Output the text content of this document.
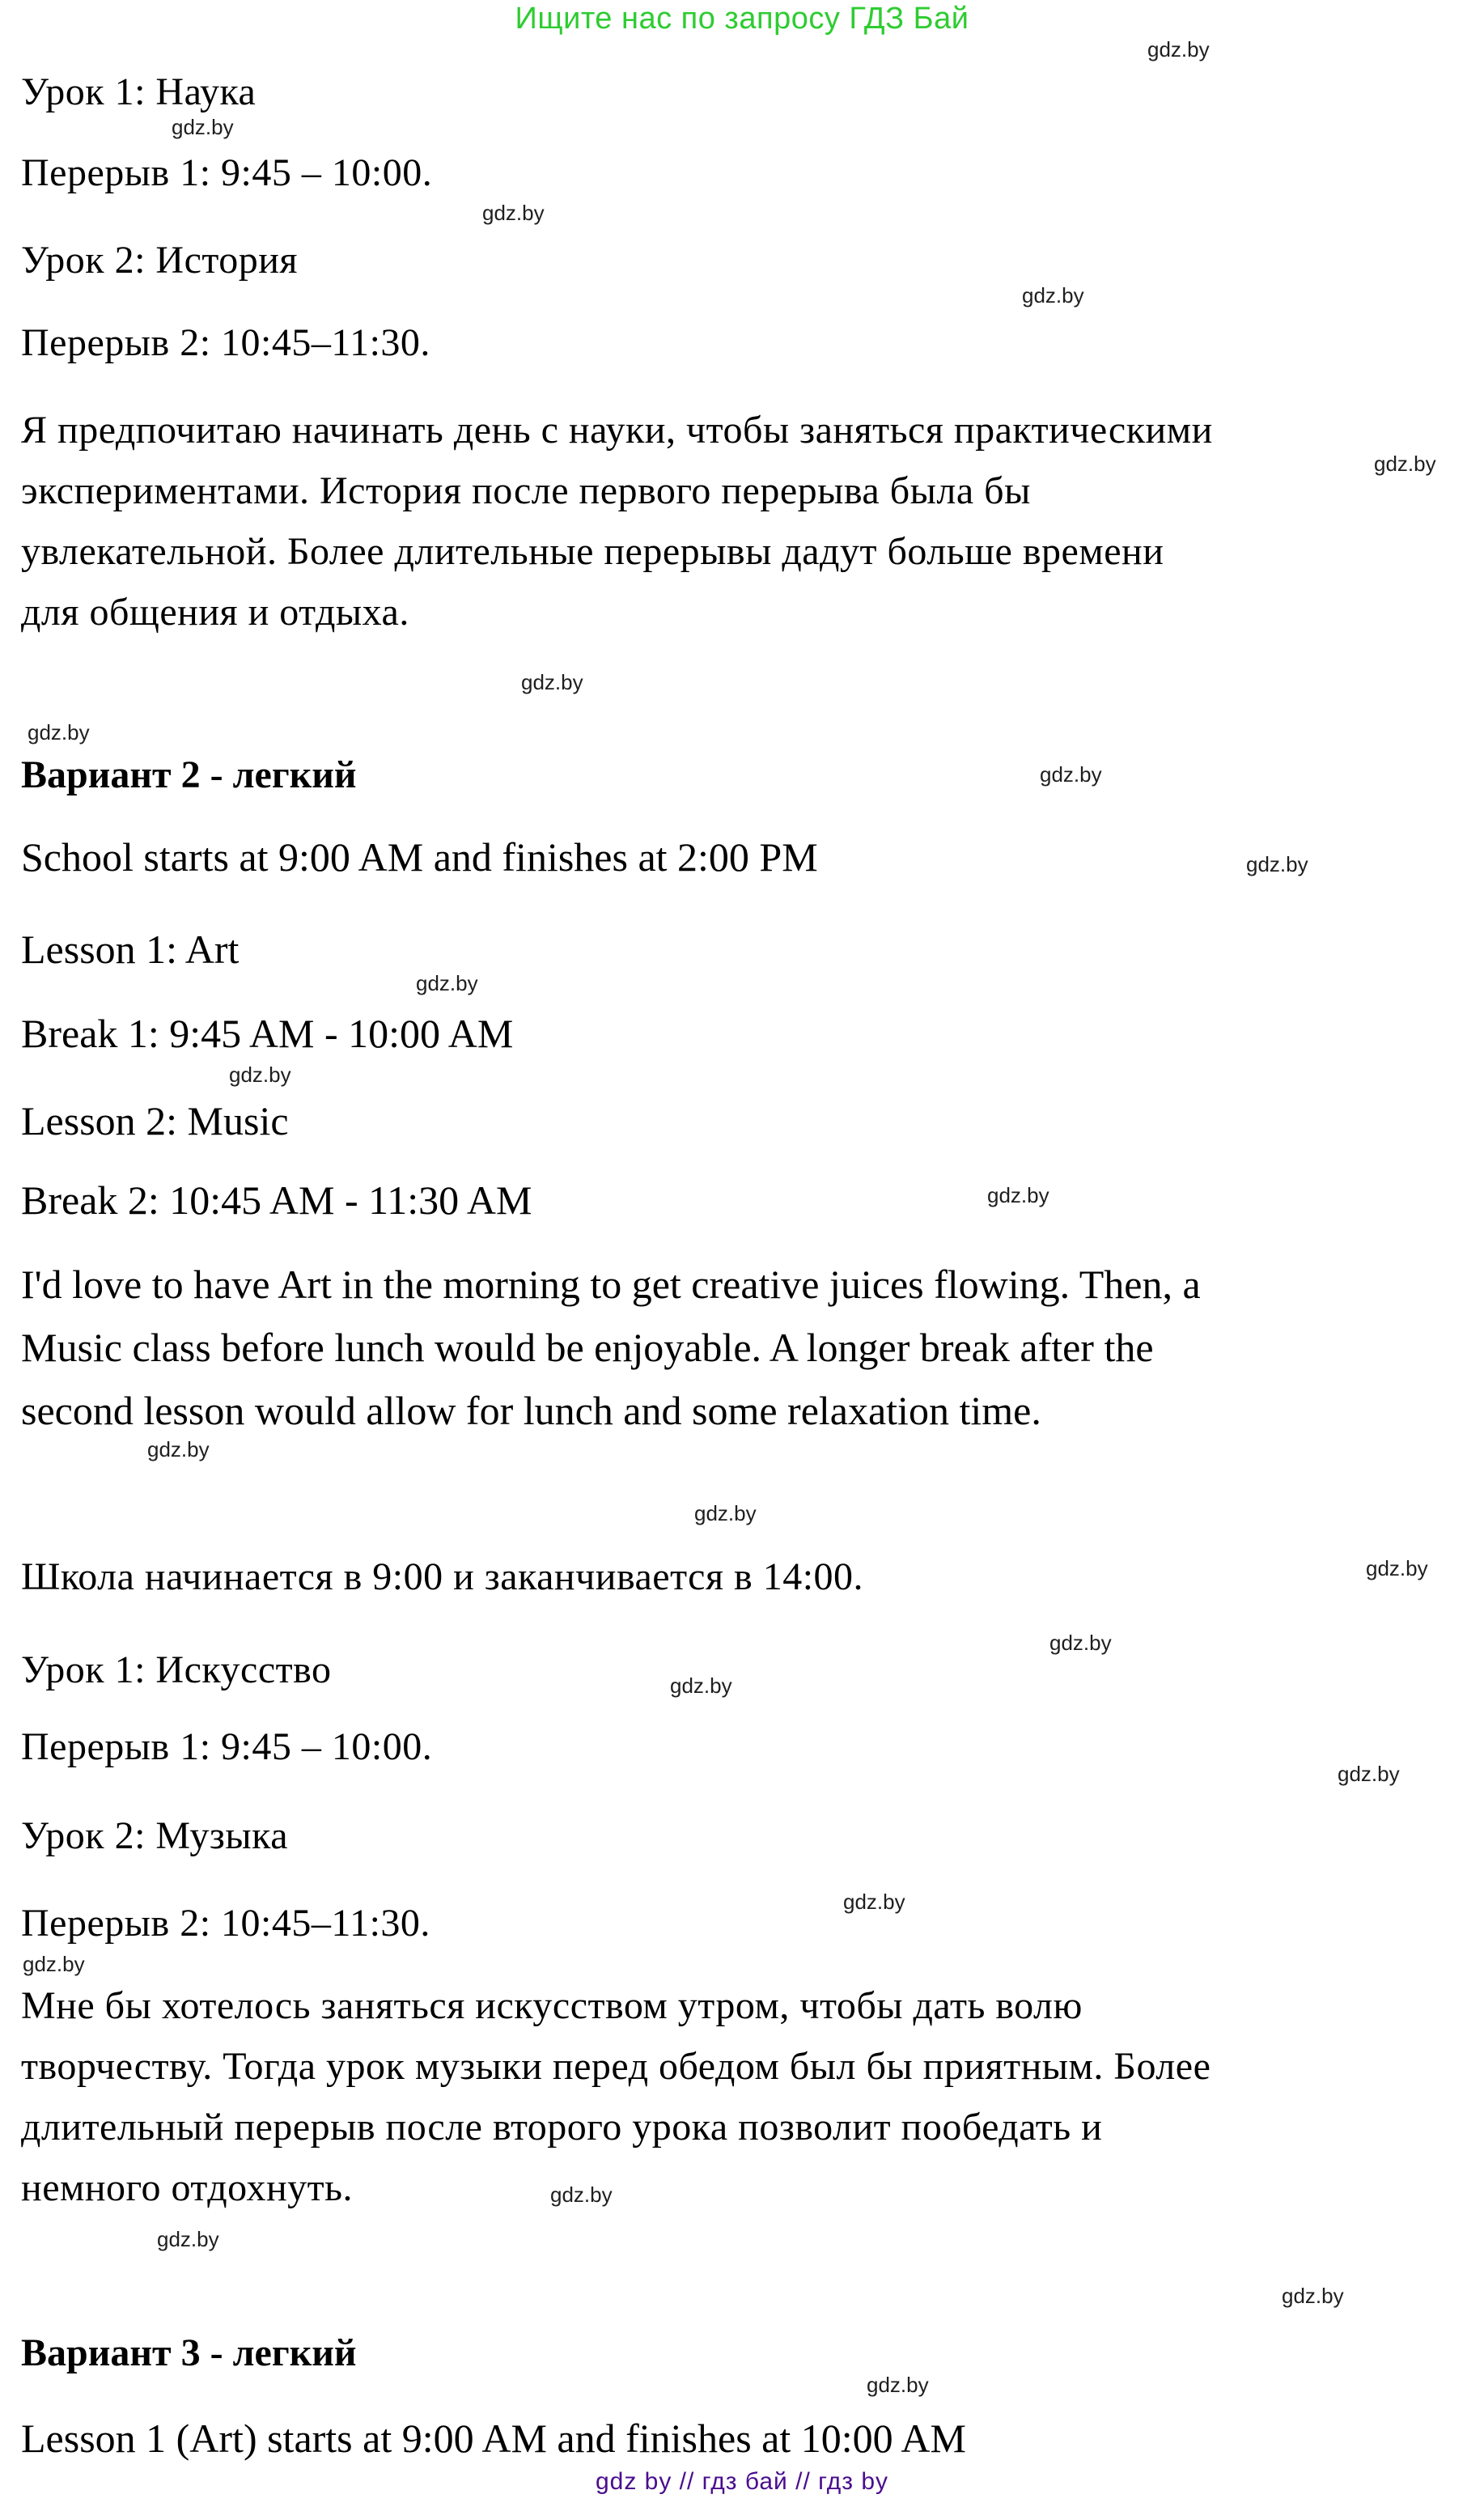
Ищите нас по запросу ГДЗ Бай
Урок 1: Наука
Перерыв 1: 9:45 – 10:00.
Урок 2: История
Перерыв 2: 10:45–11:30.
Я предпочитаю начинать день с науки, чтобы заняться практическими
экспериментами. История после первого перерыва была бы
увлекательной. Более длительные перерывы дадут больше времени
для общения и отдыха.
Вариант 2 - легкий
School starts at 9:00 AM and finishes at 2:00 PM
Lesson 1: Art
Break 1: 9:45 AM - 10:00 AM
Lesson 2: Music
Break 2: 10:45 AM - 11:30 AM
I'd love to have Art in the morning to get creative juices flowing. Then, a
Music class before lunch would be enjoyable. A longer break after the
second lesson would allow for lunch and some relaxation time.
Школа начинается в 9:00 и заканчивается в 14:00.
Урок 1: Искусство
Перерыв 1: 9:45 – 10:00.
Урок 2: Музыка
Перерыв 2: 10:45–11:30.
Мне бы хотелось заняться искусством утром, чтобы дать волю
творчеству. Тогда урок музыки перед обедом был бы приятным. Более
длительный перерыв после второго урока позволит пообедать и
немного отдохнуть.
Вариант 3 - легкий
Lesson 1 (Art) starts at 9:00 AM and finishes at 10:00 AM
gdz by // гдз бай // гдз by
gdz.by
gdz.by
gdz.by
gdz.by
gdz.by
gdz.by
gdz.by
gdz.by
gdz.by
gdz.by
gdz.by
gdz.by
gdz.by
gdz.by
gdz.by
gdz.by
gdz.by
gdz.by
gdz.by
gdz.by
gdz.by
gdz.by
gdz.by
gdz.by
